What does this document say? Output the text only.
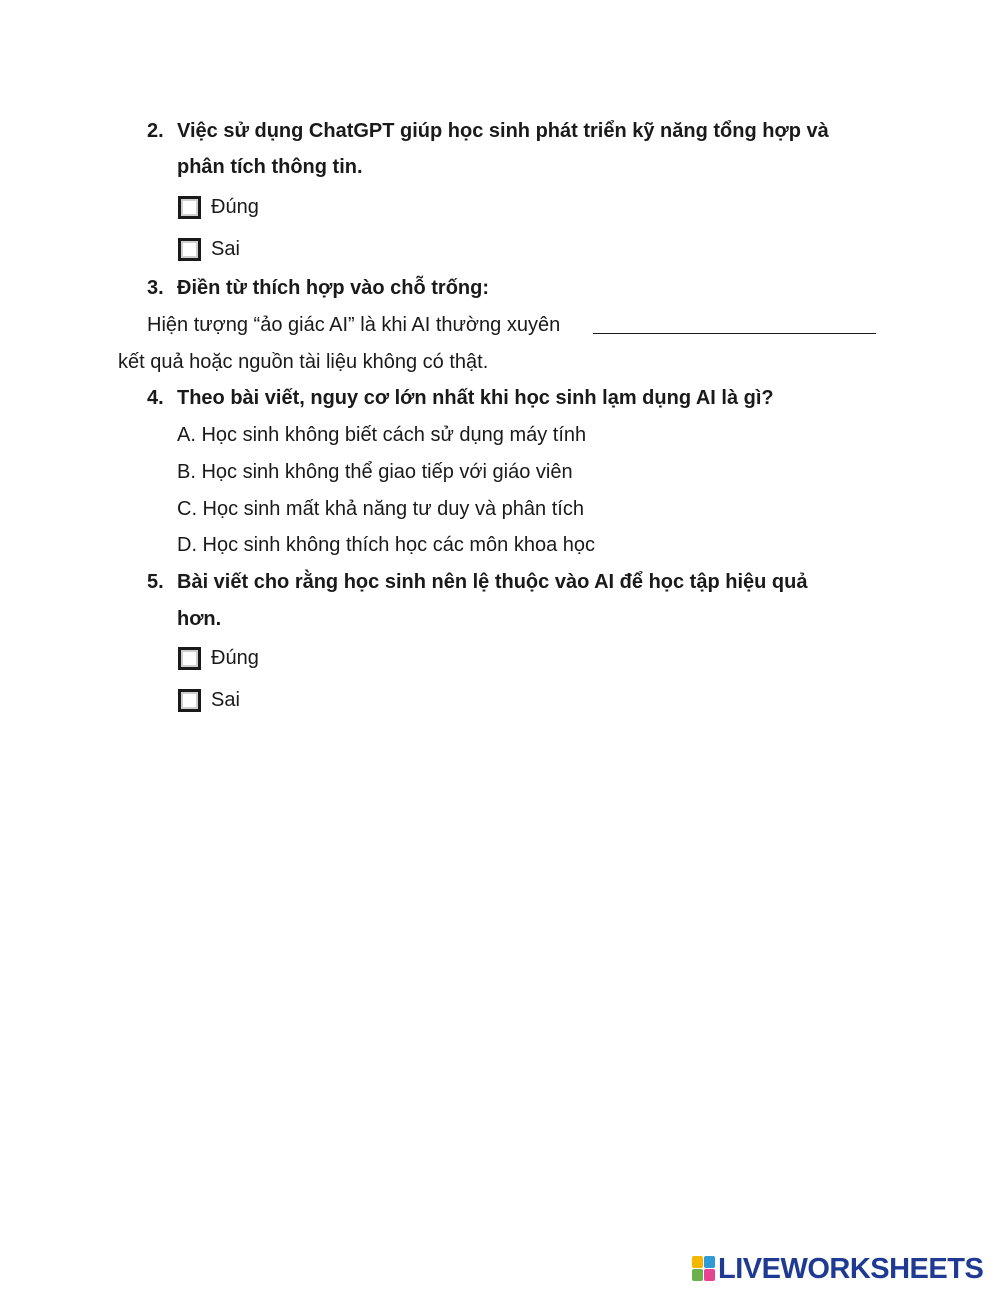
2. Việc sử dụng ChatGPT giúp học sinh phát triển kỹ năng tổng hợp và
phân tích thông tin.
Đúng
Sai
3. Điền từ thích hợp vào chỗ trống:
Hiện tượng “ảo giác AI” là khi AI thường xuyên
kết quả hoặc nguồn tài liệu không có thật.
4. Theo bài viết, nguy cơ lớn nhất khi học sinh lạm dụng AI là gì?
A. Học sinh không biết cách sử dụng máy tính
B. Học sinh không thể giao tiếp với giáo viên
C. Học sinh mất khả năng tư duy và phân tích
D. Học sinh không thích học các môn khoa học
5. Bài viết cho rằng học sinh nên lệ thuộc vào AI để học tập hiệu quả
hơn.
Đúng
Sai
LIVEWORKSHEETS
